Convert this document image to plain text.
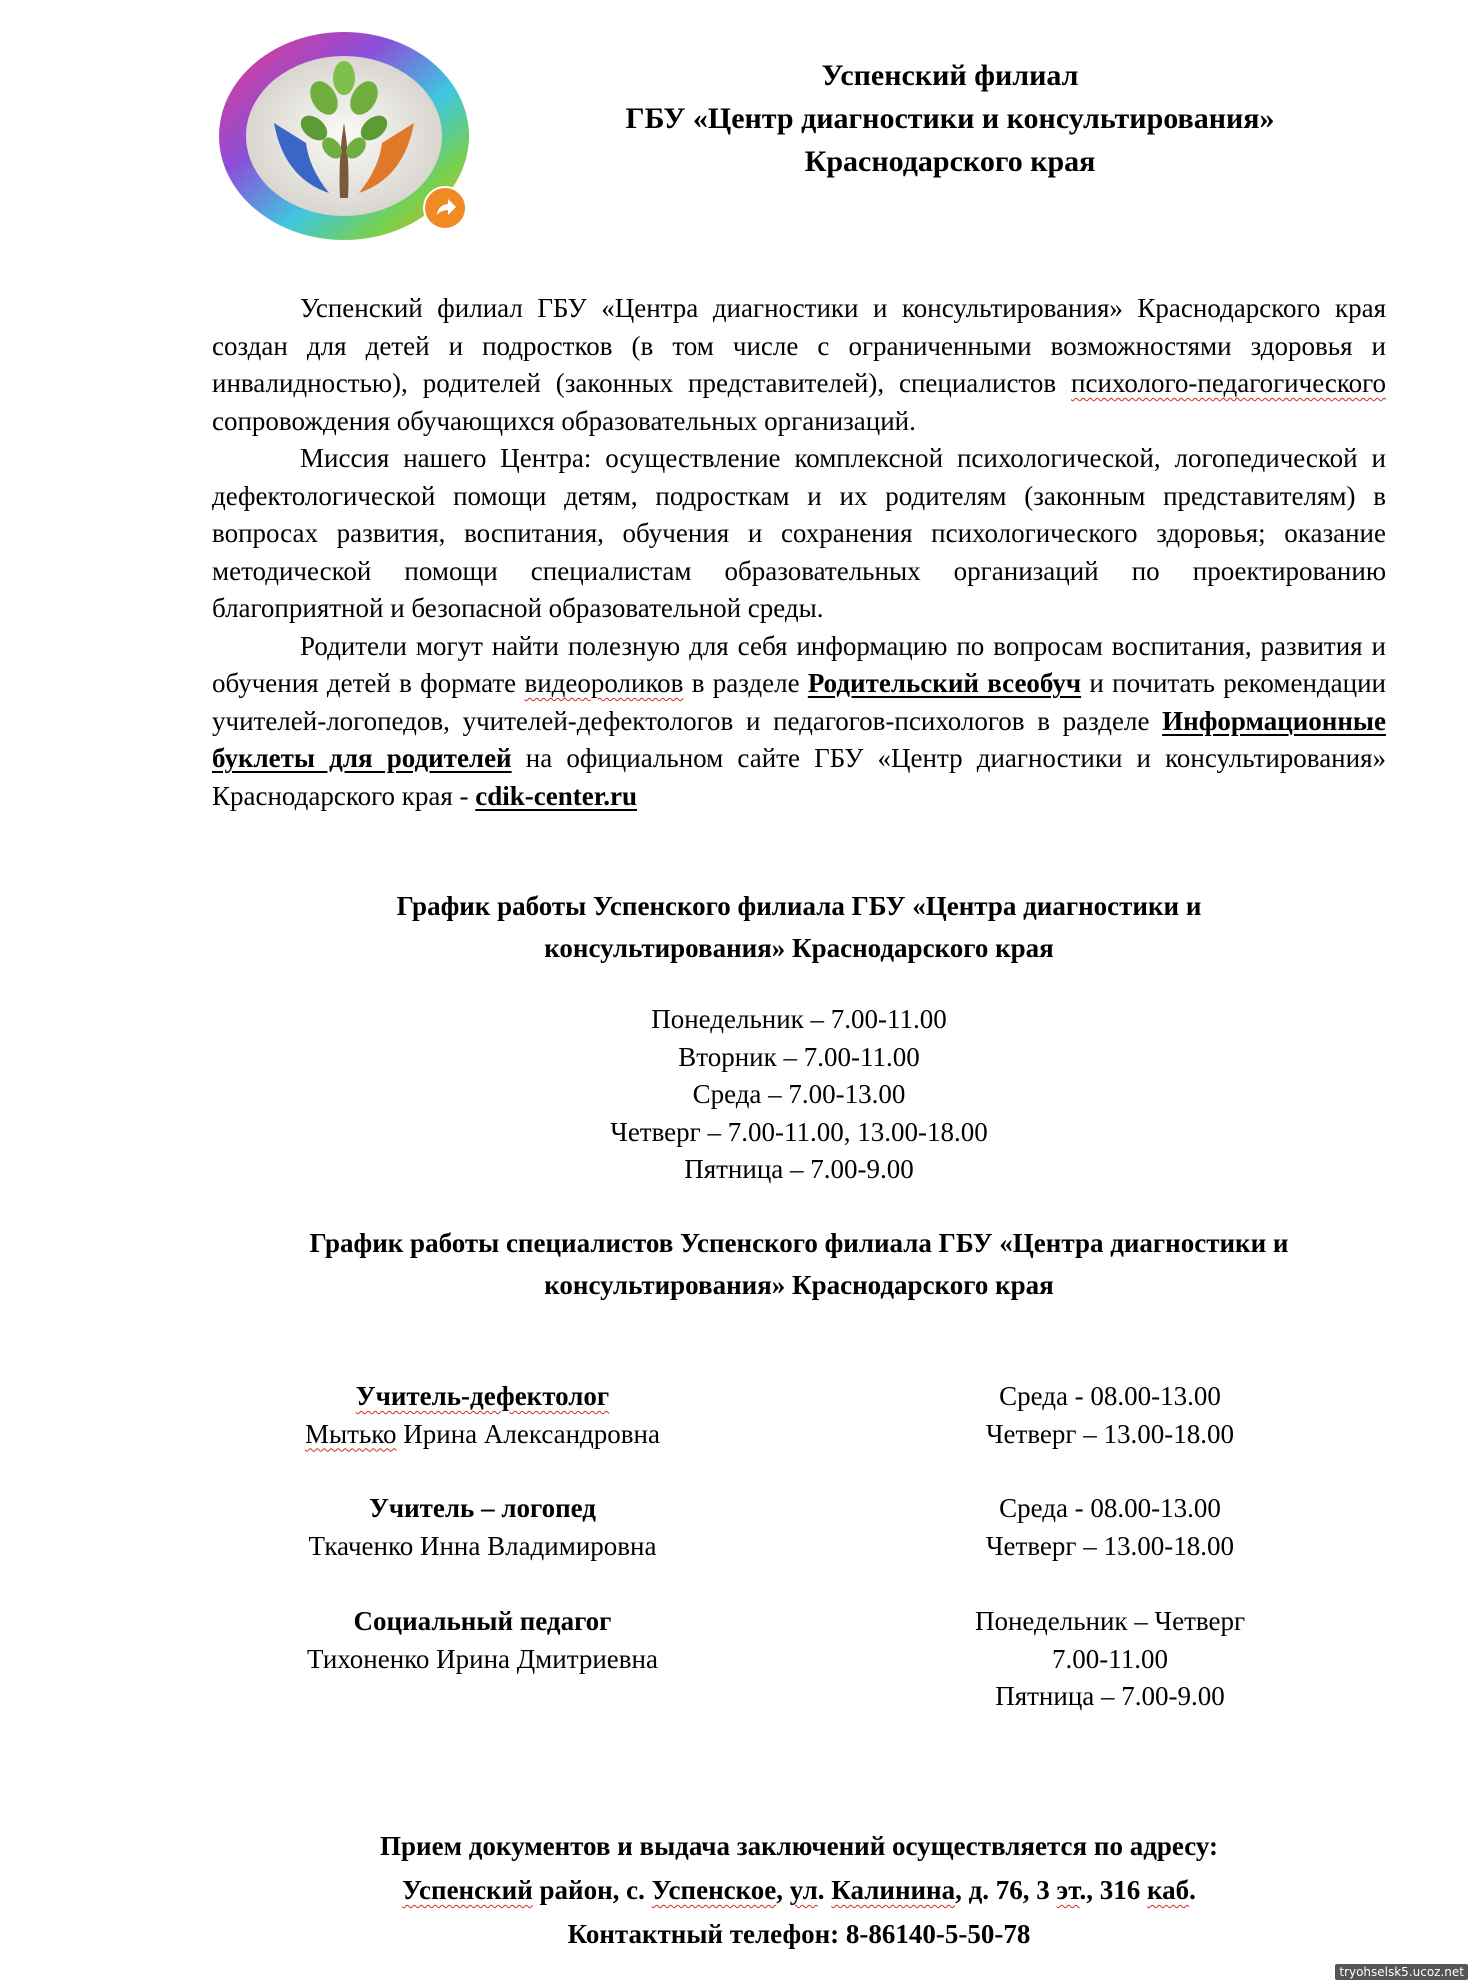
Успенский филиал
ГБУ «Центр диагностики и консультирования»
Краснодарского края

Успенский филиал ГБУ «Центра диагностики и консультирования» Краснодарского края создан для детей и подростков (в том числе с ограниченными возможностями здоровья и инвалидностью), родителей (законных представителей), специалистов психолого-педагогического сопровождения обучающихся образовательных организаций.

Миссия нашего Центра: осуществление комплексной психологической, логопедической и дефектологической помощи детям, подросткам и их родителям (законным представителям) в вопросах развития, воспитания, обучения и сохранения психологического здоровья; оказание методической помощи специалистам образовательных организаций по проектированию благоприятной и безопасной образовательной среды.

Родители могут найти полезную для себя информацию по вопросам воспитания, развития и обучения детей в формате видеороликов в разделе Родительский всеобуч и почитать рекомендации учителей-логопедов, учителей-дефектологов и педагогов-психологов в разделе Информационные буклеты для родителей на официальном сайте ГБУ «Центр диагностики и консультирования» Краснодарского края - cdik-center.ru

График работы Успенского филиала ГБУ «Центра диагностики и
консультирования» Краснодарского края
Понедельник – 7.00-11.00
Вторник – 7.00-11.00
Среда – 7.00-13.00
Четверг – 7.00-11.00, 13.00-18.00
Пятница – 7.00-9.00
График работы специалистов Успенского филиала ГБУ «Центра диагностики и
консультирования» Краснодарского края
Учитель-дефектолог
Мытько Ирина Александровна
Среда - 08.00-13.00
Четверг – 13.00-18.00
Учитель – логопед
Ткаченко Инна Владимировна
Среда - 08.00-13.00
Четверг – 13.00-18.00
Социальный педагог
Тихоненко Ирина Дмитриевна
Понедельник – Четверг
7.00-11.00
Пятница – 7.00-9.00
Прием документов и выдача заключений осуществляется по адресу:
Успенский район, с. Успенское, ул. Калинина, д. 76, 3 эт., 316 каб.
Контактный телефон: 8-86140-5-50-78
tryohselsk5.ucoz.net
